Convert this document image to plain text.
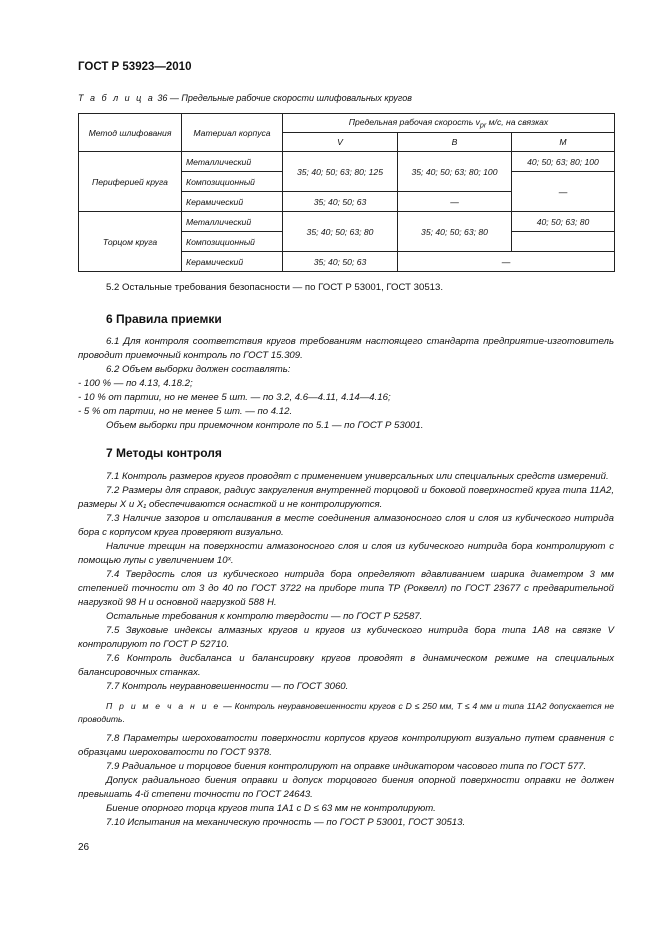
ГОСТ Р 53923—2010
Т а б л и ц а 36 — Предельные рабочие скорости шлифовальных кругов
Метод шлифования	Материал корпуса	Предельная рабочая скорость $v_{pr}$ м/с, на связках		
		V	B	M
Периферией круга	Металлический	35; 40; 50; 63; 80; 125	35; 40; 50; 63; 80; 100	40; 50; 63; 80; 100
	Композиционный			—
	Керамический	35; 40; 50; 63	—	
Торцом круга	Металлический	35; 40; 50; 63; 80	35; 40; 50; 63; 80	40; 50; 63; 80
	Композиционный			
	Керамический	35; 40; 50; 63	—	

5.2 Остальные требования безопасности — по ГОСТ Р 53001, ГОСТ 30513.

6 Правила приемки

6.1 Для контроля соответствия кругов требованиям настоящего стандарта предприятие-изготовитель проводит приемочный контроль по ГОСТ 15.309.

6.2 Объем выборки должен составлять:

- 100 % — по 4.13, 4.18.2;

- 10 % от партии, но не менее 5 шт. — по 3.2, 4.6—4.11, 4.14—4.16;

- 5 % от партии, но не менее 5 шт. — по 4.12.

Объем выборки при приемочном контроле по 5.1 — по ГОСТ Р 53001.

7 Методы контроля

7.1 Контроль размеров кругов проводят с применением универсальных или специальных средств измерений.

7.2 Размеры для справок, радиус закругления внутренней торцовой и боковой поверхностей круга типа 11А2, размеры X и X₁ обеспечиваются оснасткой и не контролируются.

7.3 Наличие зазоров и отслаивания в месте соединения алмазоносного слоя и слоя из кубического нитрида бора с корпусом круга проверяют визуально.

Наличие трещин на поверхности алмазоносного слоя и слоя из кубического нитрида бора контролируют с помощью лупы с увеличением 10ˣ.

7.4 Твердость слоя из кубического нитрида бора определяют вдавливанием шарика диаметром 3 мм степенией точности от 3 до 40 по ГОСТ 3722 на приборе типа ТР (Роквелл) по ГОСТ 23677 с предварительной нагрузкой 98 Н и основной нагрузкой 588 Н.

Остальные требования к контролю твердости — по ГОСТ Р 52587.

7.5 Звуковые индексы алмазных кругов и кругов из кубического нитрида бора типа 1А8 на связке V контролируют по ГОСТ Р 52710.

7.6 Контроль дисбаланса и балансировку кругов проводят в динамическом режиме на специальных балансировочных станках.

7.7 Контроль неуравновешенности — по ГОСТ 3060.

П р и м е ч а н и е — Контроль неуравновешенности кругов с D ≤ 250 мм, T ≤ 4 мм и типа 11А2 допускается не проводить.

7.8 Параметры шероховатости поверхности корпусов кругов контролируют визуально путем сравнения с образцами шероховатости по ГОСТ 9378.

7.9 Радиальное и торцовое биения контролируют на оправке индикатором часового типа по ГОСТ 577.

Допуск радиального биения оправки и допуск торцового биения опорной поверхности оправки не должен превышать 4-й степени точности по ГОСТ 24643.

Биение опорного торца кругов типа 1А1 с D ≤ 63 мм не контролируют.

7.10 Испытания на механическую прочность — по ГОСТ Р 53001, ГОСТ 30513.

26
